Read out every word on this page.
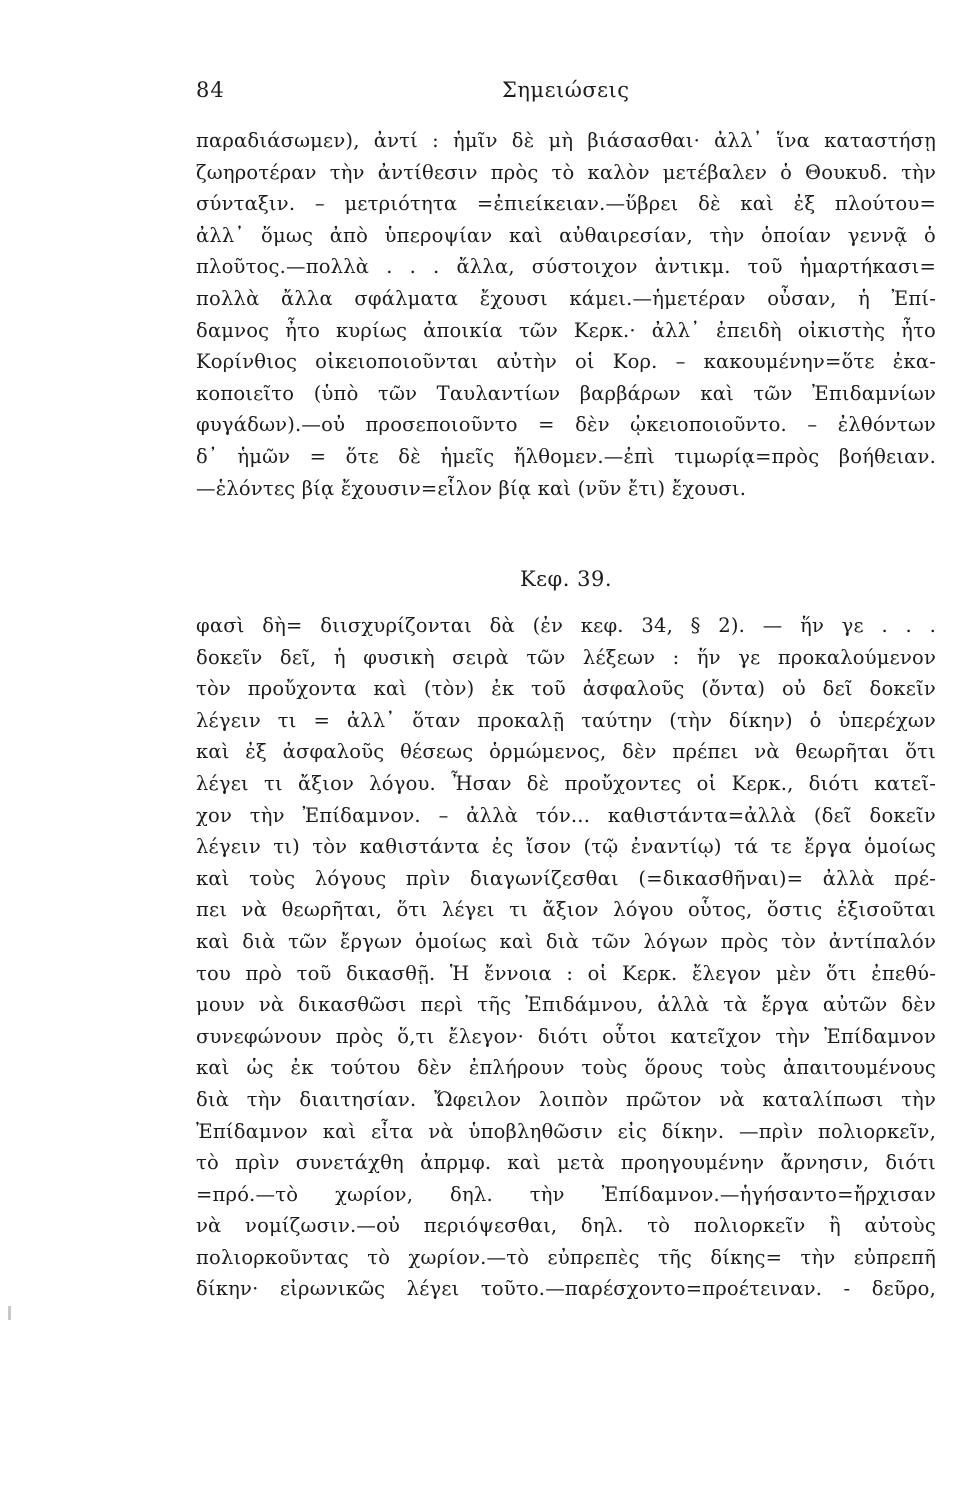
84	Σημειώσεις
παραδιάσωμεν), ἀντί : ἡμῖν δὲ μὴ βιάσασθαι· ἀλλ᾽ ἵνα καταστήσῃ
ζωηροτέραν τὴν ἀντίθεσιν πρὸς τὸ καλὸν μετέβαλεν ὁ Θουκυδ. τὴν
σύνταξιν. – μετριότητα =ἐπιείκειαν.—ὕβρει δὲ καὶ ἐξ πλούτου=
ἀλλ᾽ ὅμως ἀπὸ ὑπεροψίαν καὶ αὐθαιρεσίαν, τὴν ὁποίαν γεννᾷ ὁ
πλοῦτος.—πολλὰ . . . ἄλλα, σύστοιχον ἀντικμ. τοῦ ἡμαρτήκασι=
πολλὰ ἄλλα σφάλματα ἔχουσι κάμει.—ἡμετέραν οὖσαν, ἡ Ἐπί-
δαμνος ἦτο κυρίως ἀποικία τῶν Κερκ.· ἀλλ᾽ ἐπειδὴ οἰκιστὴς ἦτο
Κορίνθιος οἰκειοποιοῦνται αὐτὴν οἱ Κορ. – κακουμένην=ὅτε ἐκα-
κοποιεῖτο (ὑπὸ τῶν Ταυλαντίων βαρβάρων καὶ τῶν Ἐπιδαμνίων
φυγάδων).—οὐ προσεποιοῦντο = δὲν ᾠκειοποιοῦντο. – ἐλθόντων
δ᾽ ἡμῶν = ὅτε δὲ ἡμεῖς ἤλθομεν.—ἐπὶ τιμωρίᾳ=πρὸς βοήθειαν.
—ἑλόντες βίᾳ ἔχουσιν=εἷλον βίᾳ καὶ (νῦν ἔτι) ἔχουσι.
Κεφ. 39.
φασὶ δὴ= διισχυρίζονται δὰ (ἐν κεφ. 34, § 2). — ἥν γε . . .
δοκεῖν δεῖ, ἡ φυσικὴ σειρὰ τῶν λέξεων : ἥν γε προκαλούμενον
τὸν προὔχοντα καὶ (τὸν) ἐκ τοῦ ἀσφαλοῦς (ὄντα) οὐ δεῖ δοκεῖν
λέγειν τι = ἀλλ᾽ ὅταν προκαλῇ ταύτην (τὴν δίκην) ὁ ὑπερέχων
καὶ ἐξ ἀσφαλοῦς θέσεως ὁρμώμενος, δὲν πρέπει νὰ θεωρῆται ὅτι
λέγει τι ἄξιον λόγου. Ἦσαν δὲ προὔχοντες οἱ Κερκ., διότι κατεῖ-
χον τὴν Ἐπίδαμνον. – ἀλλὰ τόν... καθιστάντα=ἀλλὰ (δεῖ δοκεῖν
λέγειν τι) τὸν καθιστάντα ἐς ἴσον (τῷ ἐναντίῳ) τά τε ἔργα ὁμοίως
καὶ τοὺς λόγους πρὶν διαγωνίζεσθαι (=δικασθῆναι)= ἀλλὰ πρέ-
πει νὰ θεωρῆται, ὅτι λέγει τι ἄξιον λόγου οὗτος, ὅστις ἐξισοῦται
καὶ διὰ τῶν ἔργων ὁμοίως καὶ διὰ τῶν λόγων πρὸς τὸν ἀντίπαλόν
του πρὸ τοῦ δικασθῇ. Ἡ ἔννοια : οἱ Κερκ. ἔλεγον μὲν ὅτι ἐπεθύ-
μουν νὰ δικασθῶσι περὶ τῆς Ἐπιδάμνου, ἀλλὰ τὰ ἔργα αὐτῶν δὲν
συνεφώνουν πρὸς ὅ,τι ἔλεγον· διότι οὗτοι κατεῖχον τὴν Ἐπίδαμνον
καὶ ὡς ἐκ τούτου δὲν ἐπλήρουν τοὺς ὅρους τοὺς ἀπαιτουμένους
διὰ τὴν διαιτησίαν. Ὤφειλον λοιπὸν πρῶτον νὰ καταλίπωσι τὴν
Ἐπίδαμνον καὶ εἶτα νὰ ὑποβληθῶσιν εἰς δίκην. —πρὶν πολιορκεῖν,
τὸ πρὶν συνετάχθη ἀπρμφ. καὶ μετὰ προηγουμένην ἄρνησιν, διότι
=πρό.—τὸ χωρίον, δηλ. τὴν Ἐπίδαμνον.—ἡγήσαντο=ἤρχισαν
νὰ νομίζωσιν.—οὐ περιόψεσθαι, δηλ. τὸ πολιορκεῖν ἢ αὐτοὺς
πολιορκοῦντας τὸ χωρίον.—τὸ εὐπρεπὲς τῆς δίκης= τὴν εὐπρεπῆ
δίκην· εἰρωνικῶς λέγει τοῦτο.—παρέσχοντο=προέτειναν. - δεῦρο,
